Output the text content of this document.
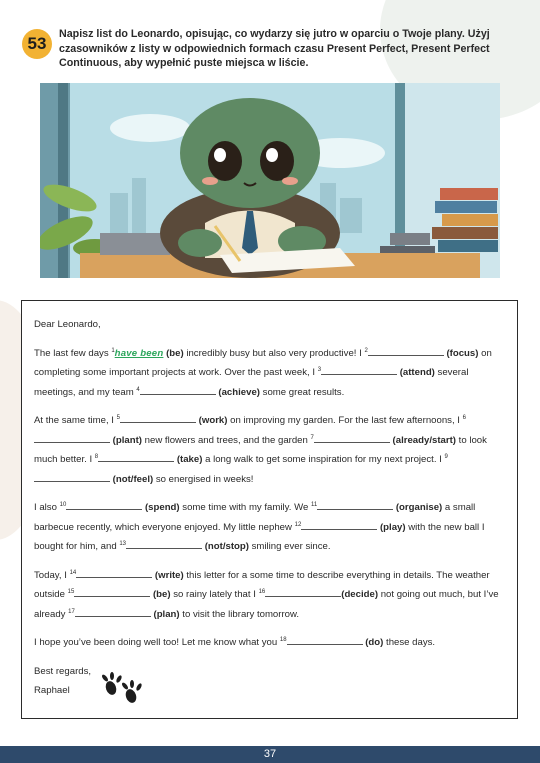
53 Napisz list do Leonardo, opisując, co wydarzy się jutro w oparciu o Twoje plany. Użyj czasowników z listy w odpowiednich formach czasu Present Perfect, Present Perfect Continuous, aby wypełnić puste miejsca w liście.

Dear Leonardo,

The last few days $^1$have been (be) incredibly busy but also very productive! I $^2$	(focus) on completing some important projects at work. Over the past week, I $^3$	(attend) several meetings, and my team $^4$	(achieve) some great results.

At the same time, I $^5$	(work) on improving my garden. For the last few afternoons, I $^6$ (plant) new flowers and trees, and the garden $^7$	(already/start) to look much better. I $^8$	(take) a long walk to get some inspiration for my next project. I $^9$ (not/feel) so energised in weeks!

I also $^{10}$	(spend) some time with my family. We $^{11}$	(organise) a small barbecue recently, which everyone enjoyed. My little nephew $^{12}$	(play) with the new ball I bought for him, and $^{13}$	(not/stop) smiling ever since.

Today, I $^{14}$	(write) this letter for a some time to describe everything in details. The weather outside $^{15}$	(be) so rainy lately that I $^{16}$	(decide) not going out much, but I’ve already $^{17}$	(plan) to visit the library tomorrow.

I hope you’ve been doing well too! Let me know what you $^{18}$	(do) these days.

Best regards,

Raphael

37
